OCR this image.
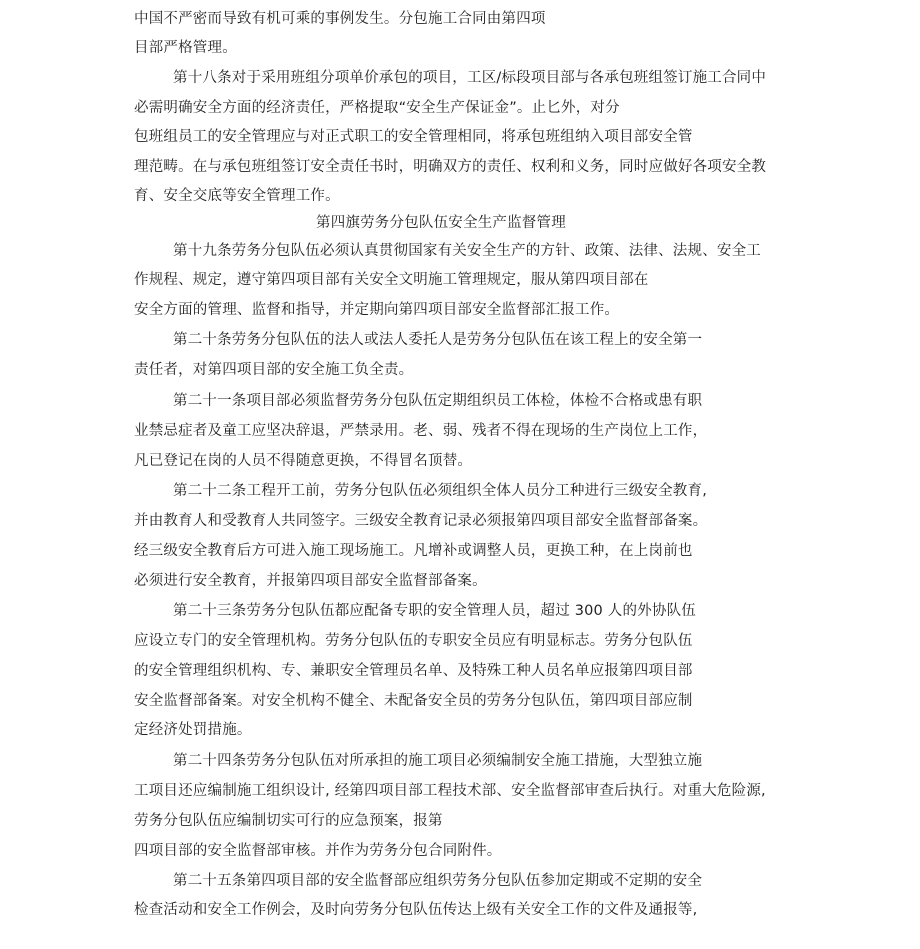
中国不严密而导致有机可乘的事例发生。分包施工合同由第四项
目部严格管理。
第十八条对于采用班组分项单价承包的项目，工区/标段项目部与各承包班组签订施工合同中
必需明确安全方面的经济责任，严格提取“安全生产保证金”。止匕外，对分
包班组员工的安全管理应与对正式职工的安全管理相同，将承包班组纳入项目部安全管
理范畴。在与承包班组签订安全责任书时，明确双方的责任、权利和义务，同时应做好各项安全教
育、安全交底等安全管理工作。
第四旗劳务分包队伍安全生产监督管理
第十九条劳务分包队伍必须认真贯彻国家有关安全生产的方针、政策、法律、法规、安全工
作规程、规定，遵守第四项目部有关安全文明施工管理规定，服从第四项目部在
安全方面的管理、监督和指导，并定期向第四项目部安全监督部汇报工作。
第二十条劳务分包队伍的法人或法人委托人是劳务分包队伍在该工程上的安全第一
责任者，对第四项目部的安全施工负全责。
第二十一条项目部必须监督劳务分包队伍定期组织员工体检，体检不合格或患有职
业禁忌症者及童工应坚决辞退，严禁录用。老、弱、残者不得在现场的生产岗位上工作，
凡已登记在岗的人员不得随意更换，不得冒名顶替。
第二十二条工程开工前，劳务分包队伍必须组织全体人员分工种进行三级安全教育,
并由教育人和受教育人共同签字。三级安全教育记录必须报第四项目部安全监督部备案。
经三级安全教育后方可进入施工现场施工。凡增补或调整人员，更换工种，在上岗前也
必须进行安全教育，并报第四项目部安全监督部备案。
第二十三条劳务分包队伍都应配备专职的安全管理人员，超过 300 人的外协队伍
应设立专门的安全管理机构。劳务分包队伍的专职安全员应有明显标志。劳务分包队伍
的安全管理组织机构、专、兼职安全管理员名单、及特殊工种人员名单应报第四项目部
安全监督部备案。对安全机构不健全、未配备安全员的劳务分包队伍，第四项目部应制
定经济处罚措施。
第二十四条劳务分包队伍对所承担的施工项目必须编制安全施工措施，大型独立施
工项目还应编制施工组织设计, 经第四项目部工程技术部、安全监督部审查后执行。对重大危险源,
劳务分包队伍应编制切实可行的应急预案，报第
四项目部的安全监督部审核。并作为劳务分包合同附件。
第二十五条第四项目部的安全监督部应组织劳务分包队伍参加定期或不定期的安全
检查活动和安全工作例会，及时向劳务分包队伍传达上级有关安全工作的文件及通报等,
